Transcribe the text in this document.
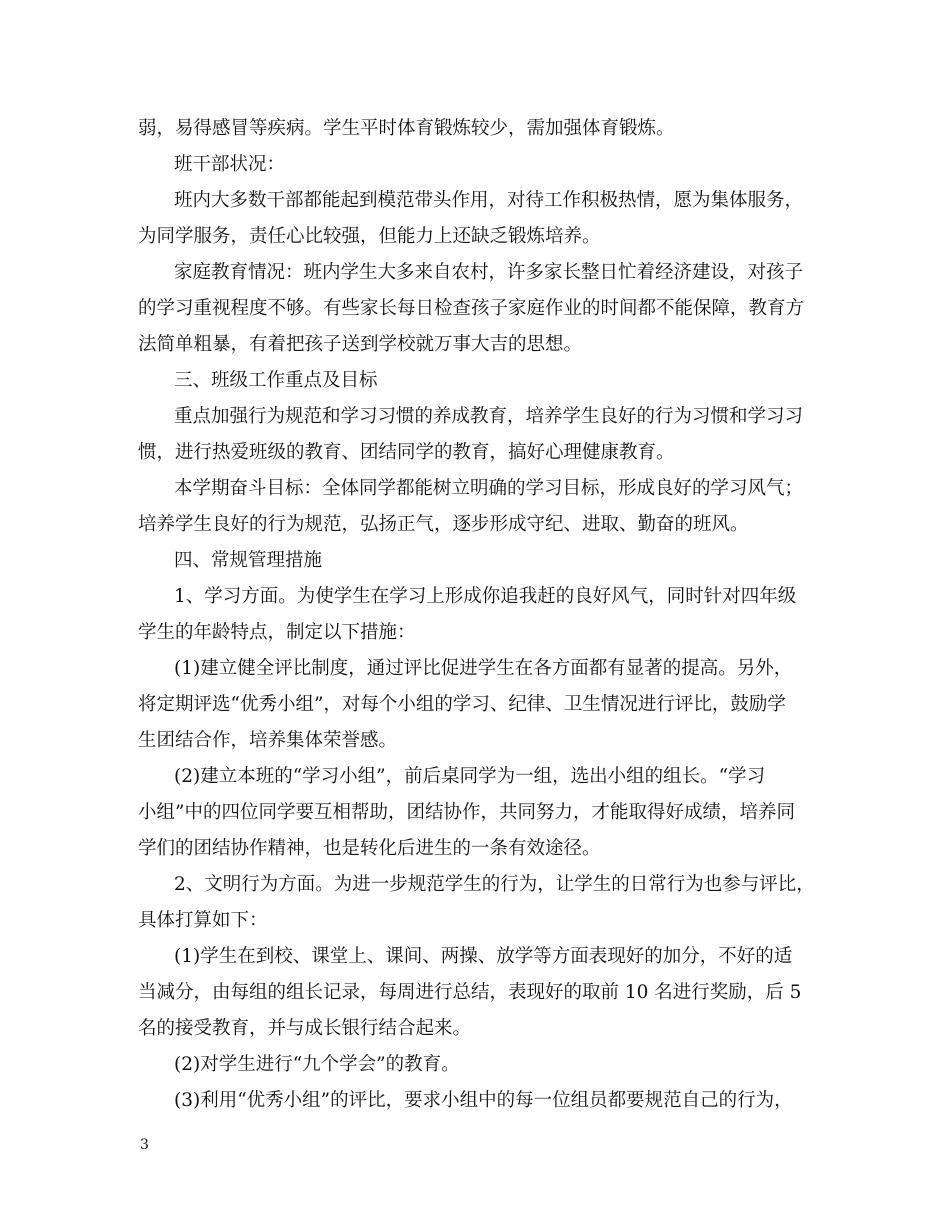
弱，易得感冒等疾病。学生平时体育锻炼较少，需加强体育锻炼。
班干部状况：
班内大多数干部都能起到模范带头作用，对待工作积极热情，愿为集体服务，
为同学服务，责任心比较强，但能力上还缺乏锻炼培养。
家庭教育情况：班内学生大多来自农村，许多家长整日忙着经济建设，对孩子
的学习重视程度不够。有些家长每日检查孩子家庭作业的时间都不能保障，教育方
法简单粗暴，有着把孩子送到学校就万事大吉的思想。
三、班级工作重点及目标
重点加强行为规范和学习习惯的养成教育，培养学生良好的行为习惯和学习习
惯，进行热爱班级的教育、团结同学的教育，搞好心理健康教育。
本学期奋斗目标：全体同学都能树立明确的学习目标，形成良好的学习风气；
培养学生良好的行为规范，弘扬正气，逐步形成守纪、进取、勤奋的班风。
四、常规管理措施
1、学习方面。为使学生在学习上形成你追我赶的良好风气，同时针对四年级
学生的年龄特点，制定以下措施：
(1)建立健全评比制度，通过评比促进学生在各方面都有显著的提高。另外，
将定期评选“优秀小组”，对每个小组的学习、纪律、卫生情况进行评比，鼓励学
生团结合作，培养集体荣誉感。
(2)建立本班的“学习小组”，前后桌同学为一组，选出小组的组长。“学习
小组”中的四位同学要互相帮助，团结协作，共同努力，才能取得好成绩，培养同
学们的团结协作精神，也是转化后进生的一条有效途径。
2、文明行为方面。为进一步规范学生的行为，让学生的日常行为也参与评比，
具体打算如下：
(1)学生在到校、课堂上、课间、两操、放学等方面表现好的加分，不好的适
当减分，由每组的组长记录，每周进行总结，表现好的取前 10 名进行奖励，后 5
名的接受教育，并与成长银行结合起来。
(2)对学生进行“九个学会”的教育。
(3)利用“优秀小组”的评比，要求小组中的每一位组员都要规范自己的行为，
3
